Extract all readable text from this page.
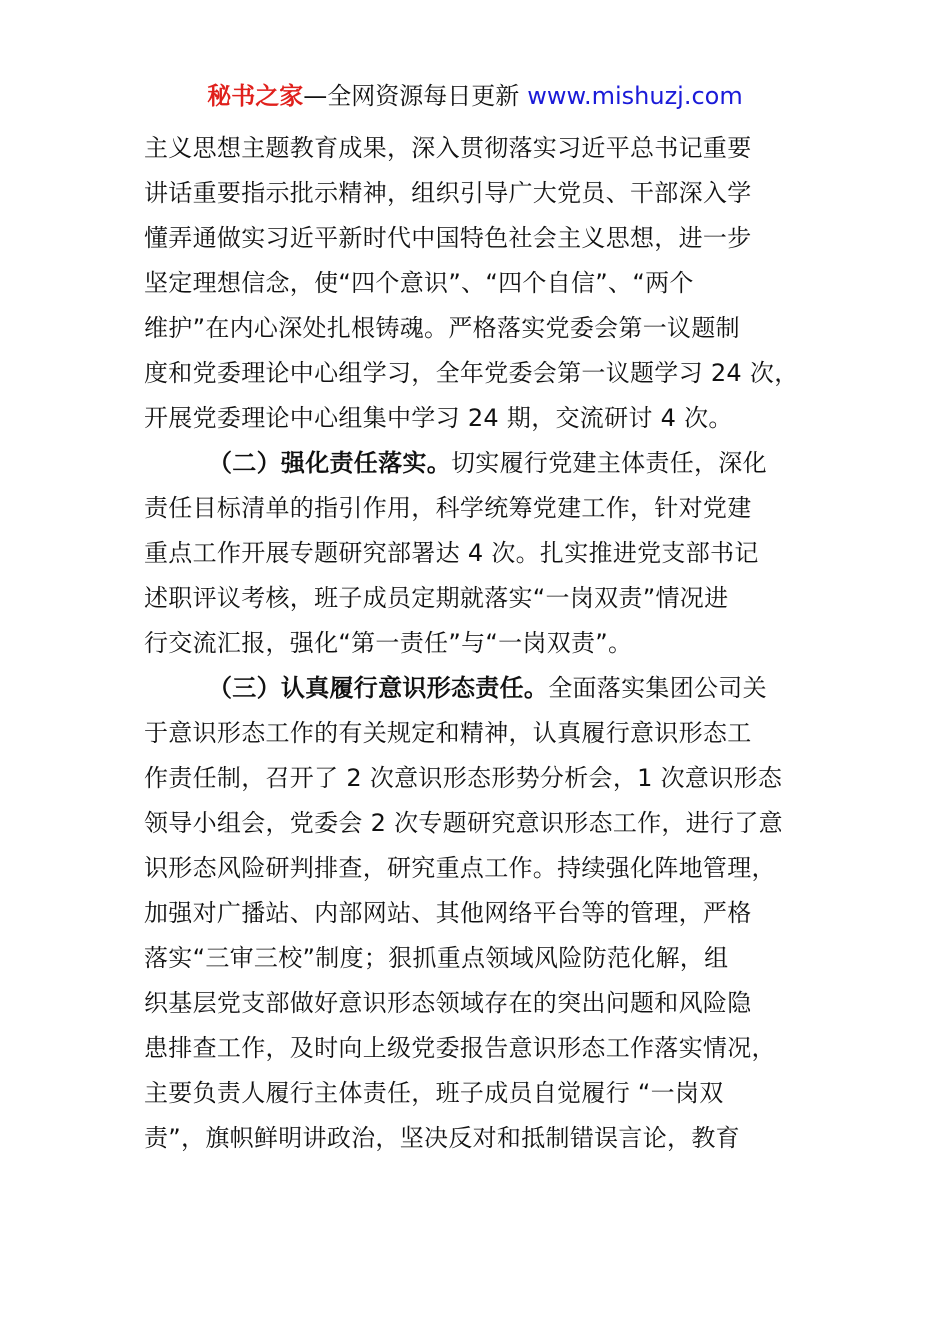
秘书之家—全网资源每日更新 www.mishuzj.com
主义思想主题教育成果，深入贯彻落实习近平总书记重要
讲话重要指示批示精神，组织引导广大党员、干部深入学
懂弄通做实习近平新时代中国特色社会主义思想，进一步
坚定理想信念，使“四个意识”、“四个自信”、“两个
维护”在内心深处扎根铸魂。严格落实党委会第一议题制
度和党委理论中心组学习，全年党委会第一议题学习 24 次，
开展党委理论中心组集中学习 24 期，交流研讨 4 次。
（二）强化责任落实。切实履行党建主体责任，深化
责任目标清单的指引作用，科学统筹党建工作，针对党建
重点工作开展专题研究部署达 4 次。扎实推进党支部书记
述职评议考核，班子成员定期就落实“一岗双责”情况进
行交流汇报，强化“第一责任”与“一岗双责”。
（三）认真履行意识形态责任。全面落实集团公司关
于意识形态工作的有关规定和精神，认真履行意识形态工
作责任制，召开了 2 次意识形态形势分析会，1 次意识形态
领导小组会，党委会 2 次专题研究意识形态工作，进行了意
识形态风险研判排查，研究重点工作。持续强化阵地管理，
加强对广播站、内部网站、其他网络平台等的管理，严格
落实“三审三校”制度；狠抓重点领域风险防范化解，组
织基层党支部做好意识形态领域存在的突出问题和风险隐
患排查工作，及时向上级党委报告意识形态工作落实情况，
主要负责人履行主体责任，班子成员自觉履行 “一岗双
责”，旗帜鲜明讲政治，坚决反对和抵制错误言论，教育
